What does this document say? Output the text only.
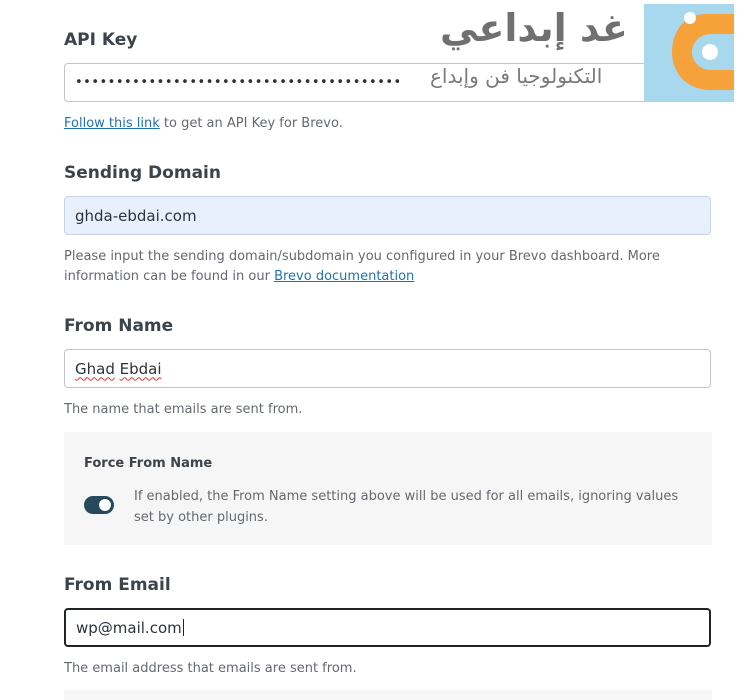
API Key
••••••••••••••••••••••••••••••••••••••••
Follow this link to get an API Key for Brevo.
Sending Domain
ghda-ebdai.com
Please input the sending domain/subdomain you configured in your Brevo dashboard. More information can be found in our Brevo documentation
From Name
Ghad
Ebdai
The name that emails are sent from.
Force From Name
If enabled, the From Name setting above will be used for all emails, ignoring values set by other plugins.
From Email
wp@mail.com
The email address that emails are sent from.
غد إبداعي
التكنولوجيا فن وإبداع
